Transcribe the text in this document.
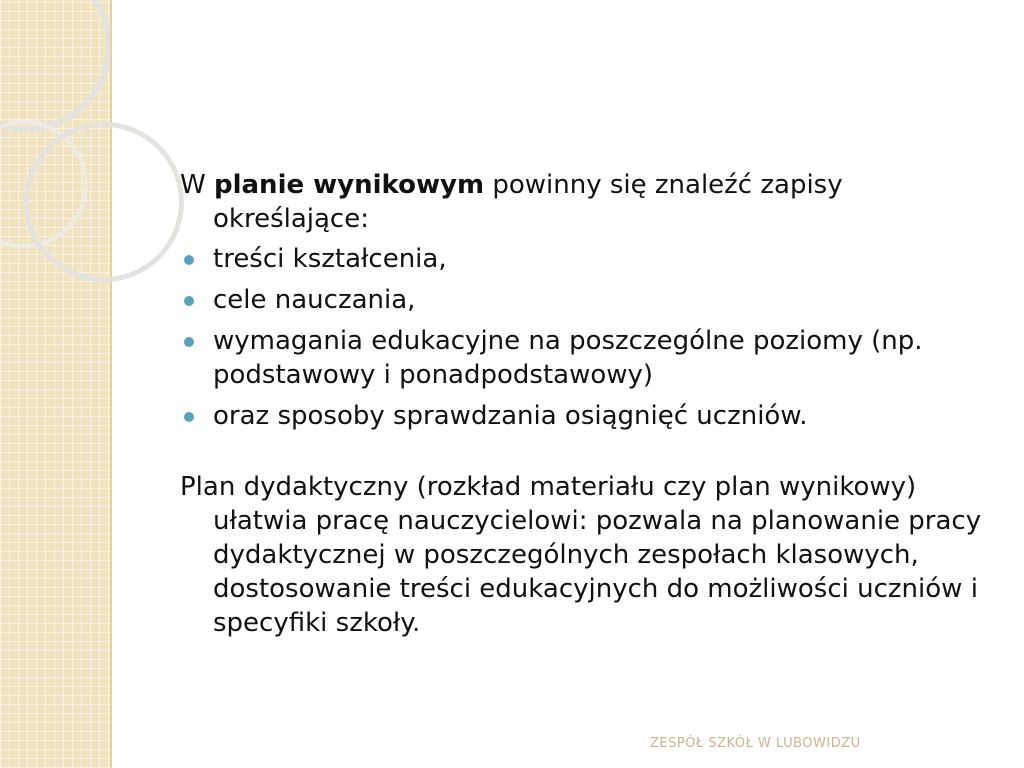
W planie wynikowym powinny się znaleźć zapisy określające:

treści kształcenia,
cele nauczania,
wymagania edukacyjne na poszczególne poziomy (np. podstawowy i ponadpodstawowy)
oraz sposoby sprawdzania osiągnięć uczniów.

Plan dydaktyczny (rozkład materiału czy plan wynikowy) ułatwia pracę nauczycielowi: pozwala na planowanie pracy dydaktycznej w poszczególnych zespołach klasowych, dostosowanie treści edukacyjnych do możliwości uczniów i specyfiki szkoły.

ZESPÓŁ SZKÓŁ W LUBOWIDZU
